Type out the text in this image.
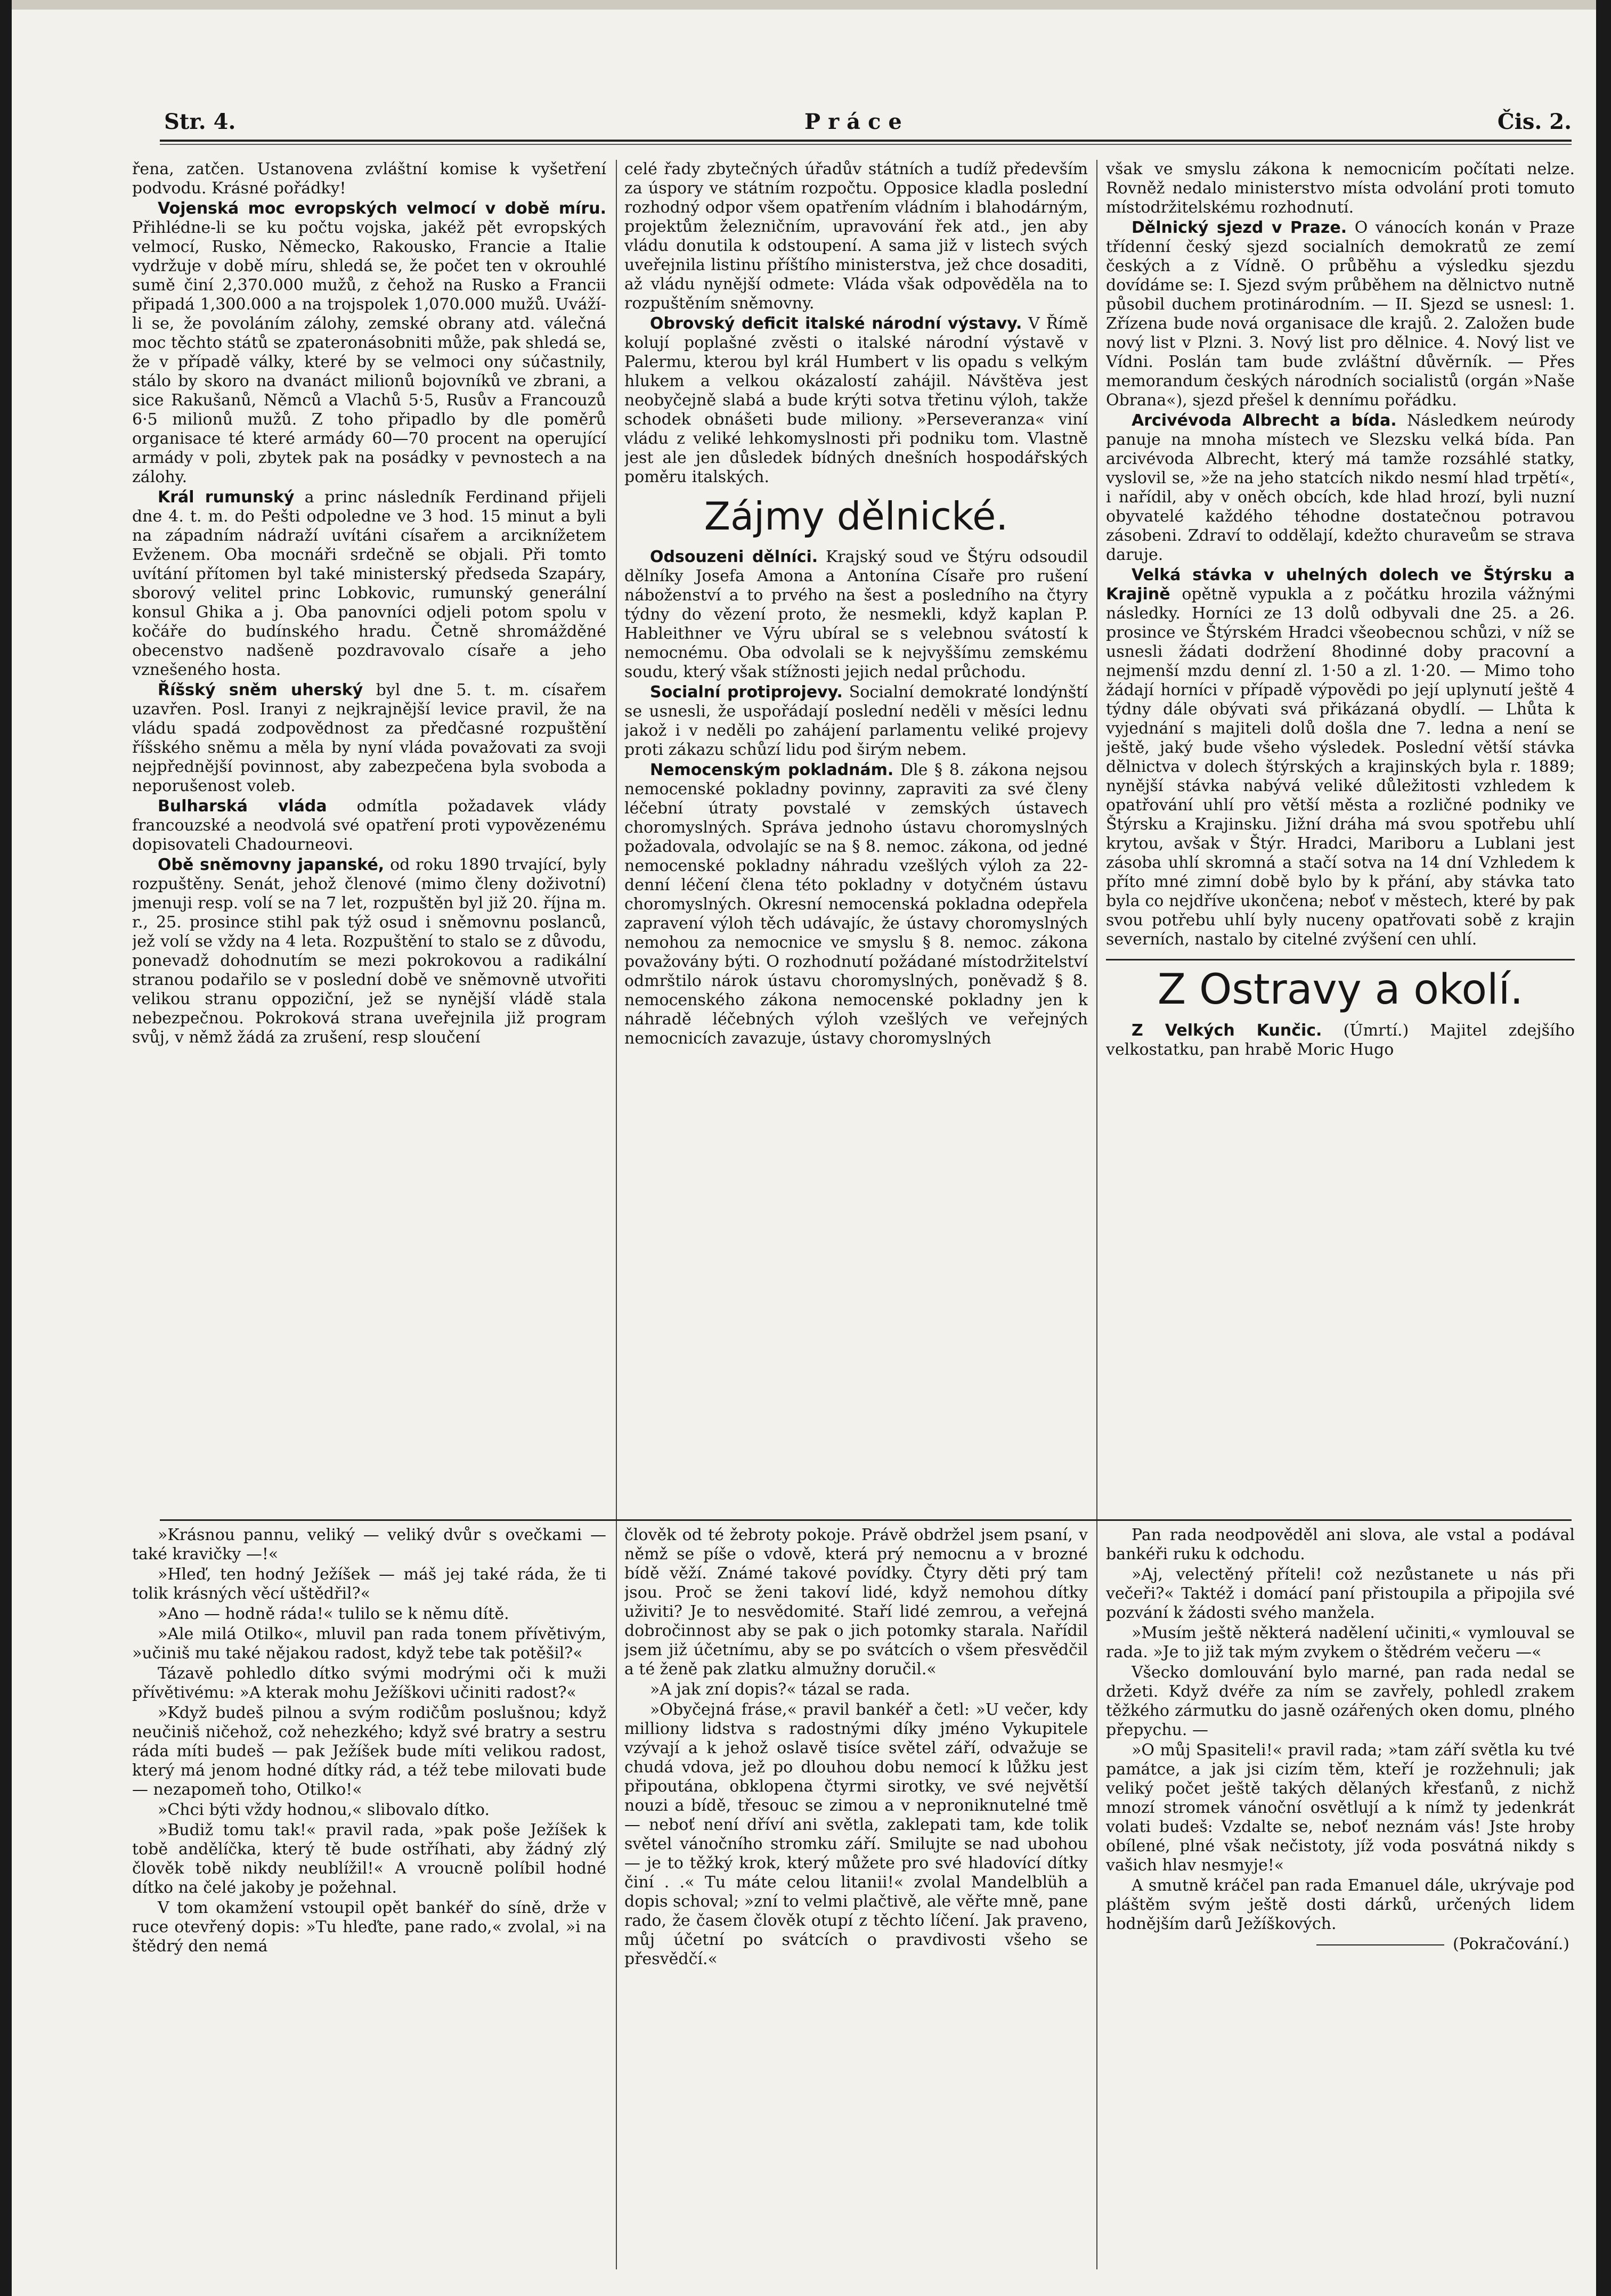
Str. 4.	Práce	Čis. 2.

řena, zatčen. Ustanovena zvláštní komise k vyšetření podvodu. Krásné pořádky!

Vojenská moc evropských velmocí v době míru. Přihlédne-li se ku počtu vojska, jakéž pět evropských velmocí, Rusko, Německo, Rakousko, Francie a Italie vydržuje v době míru, shledá se, že počet ten v okrouhlé sumě činí 2,370.000 mužů, z čehož na Rusko a Francii připadá 1,300.000 a na trojspolek 1,070.000 mužů. Uváží-li se, že povoláním zálohy, zemské obrany atd. válečná moc těchto států se zpateronásobniti může, pak shledá se, že v případě války, které by se velmoci ony súčastnily, stálo by skoro na dvanáct milionů bojovníků ve zbrani, a sice Rakušanů, Němců a Vlachů 5·5, Rusův a Francouzů 6·5 milionů mužů. Z toho připadlo by dle poměrů organisace té které armády 60—70 procent na operující armády v poli, zbytek pak na posádky v pevnostech a na zálohy.

Král rumunský a princ následník Ferdinand přijeli dne 4. t. m. do Pešti odpoledne ve 3 hod. 15 minut a byli na západním nádraží uvítáni císařem a arciknížetem Evženem. Oba mocnáři srdečně se objali. Při tomto uvítání přítomen byl také ministerský předseda Szapáry, sborový velitel princ Lobkovic, rumunský generální konsul Ghika a j. Oba panovníci odjeli potom spolu v kočáře do budínského hradu. Četně shromážděné obecenstvo nadšeně pozdravovalo císaře a jeho vznešeného hosta.

Říšský sněm uherský byl dne 5. t. m. císařem uzavřen. Posl. Iranyi z nejkrajnější levice pravil, že na vládu spadá zodpovědnost za předčasné rozpuštění říšského sněmu a měla by nyní vláda považovati za svoji nejpřednější povinnost, aby zabezpečena byla svoboda a neporušenost voleb.

Bulharská vláda odmítla požadavek vlády francouzské a neodvolá své opatření proti vypovězenému dopisovateli Chadourneovi.

Obě sněmovny japanské, od roku 1890 trvající, byly rozpuštěny. Senát, jehož členové (mimo členy doživotní) jmenuji resp. volí se na 7 let, rozpuštěn byl již 20. října m. r., 25. prosince stihl pak týž osud i sněmovnu poslanců, jež volí se vždy na 4 leta. Rozpuštění to stalo se z důvodu, ponevadž dohodnutím se mezi pokrokovou a radikální stranou podařilo se v poslední době ve sněmovně utvořiti velikou stranu oppoziční, jež se nynější vládě stala nebezpečnou. Pokroková strana uveřejnila již program svůj, v němž žádá za zrušení, resp sloučení

celé řady zbytečných úřadův státních a tudíž především za úspory ve státním rozpočtu. Opposice kladla poslední rozhodný odpor všem opatřením vládním i blahodárným, projektům železničním, upravování řek atd., jen aby vládu donutila k odstoupení. A sama již v listech svých uveřejnila listinu příštího ministerstva, jež chce dosaditi, až vládu nynější odmete: Vláda však odpověděla na to rozpuštěním sněmovny.

Obrovský deficit italské národní výstavy. V Římě kolují poplašné zvěsti o italské národní výstavě v Palermu, kterou byl král Humbert v lis opadu s velkým hlukem a velkou okázalostí zahájil. Návštěva jest neobyčejně slabá a bude krýti sotva třetinu výloh, takže schodek obnášeti bude miliony. »Perseveranza« viní vládu z veliké lehkomyslnosti při podniku tom. Vlastně jest ale jen důsledek bídných dnešních hospodářských poměru italských.

Zájmy dělnické.

Odsouzeni dělníci. Krajský soud ve Štýru odsoudil dělníky Josefa Amona a Antonína Císaře pro rušení náboženství a to prvého na šest a posledního na čtyry týdny do vězení proto, že nesmekli, když kaplan P. Hableithner ve Výru ubíral se s velebnou svátostí k nemocnému. Oba odvolali se k nejvyššímu zemskému soudu, který však stížnosti jejich nedal průchodu.

Socialní protiprojevy. Socialní demokraté londýnští se usnesli, že uspořádají poslední neděli v měsíci lednu jakož i v neděli po zahájení parlamentu veliké projevy proti zákazu schůzí lidu pod širým nebem.

Nemocenským pokladnám. Dle § 8. zákona nejsou nemocenské pokladny povinny, zapraviti za své členy léčební útraty povstalé v zemských ústavech choromyslných. Správa jednoho ústavu choromyslných požadovala, odvolajíc se na § 8. nemoc. zákona, od jedné nemocenské pokladny náhradu vzešlých výloh za 22-denní léčení člena této pokladny v dotyčném ústavu choromyslných. Okresní nemocenská pokladna odepřela zapravení výloh těch udávajíc, že ústavy choromyslných nemohou za nemocnice ve smyslu § 8. nemoc. zákona považovány býti. O rozhodnutí požádané místodržitelství odmrštilo nárok ústavu choromyslných, poněvadž § 8. nemocenského zákona nemocenské pokladny jen k náhradě léčebných výloh vzešlých ve veřejných nemocnicích zavazuje, ústavy choromyslných

však ve smyslu zákona k nemocnicím počítati nelze. Rovněž nedalo ministerstvo místa odvolání proti tomuto místodržitelskému rozhodnutí.

Dělnický sjezd v Praze. O vánocích konán v Praze třídenní český sjezd socialních demokratů ze zemí českých a z Vídně. O průběhu a výsledku sjezdu dovídáme se: I. Sjezd svým průběhem na dělnictvo nutně působil duchem protinárodním. — II. Sjezd se usnesl: 1. Zřízena bude nová organisace dle krajů. 2. Založen bude nový list v Plzni. 3. Nový list pro dělnice. 4. Nový list ve Vídni. Poslán tam bude zvláštní důvěrník. — Přes memorandum českých národních socialistů (orgán »Naše Obrana«), sjezd přešel k dennímu pořádku.

Arcivévoda Albrecht a bída. Následkem neúrody panuje na mnoha místech ve Slezsku velká bída. Pan arcivévoda Albrecht, který má tamže rozsáhlé statky, vyslovil se, »že na jeho statcích nikdo nesmí hlad trpětí«, i nařídil, aby v oněch obcích, kde hlad hrozí, byli nuzní obyvatelé každého téhodne dostatečnou potravou zásobeni. Zdraví to oddělají, kdežto churaveům se strava daruje.

Velká stávka v uhelných dolech ve Štýrsku a Krajině opětně vypukla a z počátku hrozila vážnými následky. Horníci ze 13 dolů odbyvali dne 25. a 26. prosince ve Štýrském Hradci všeobecnou schůzi, v níž se usnesli žádati dodržení 8hodinné doby pracovní a nejmenší mzdu denní zl. 1·50 a zl. 1·20. — Mimo toho žádají horníci v případě výpovědi po její uplynutí ještě 4 týdny dále obývati svá přikázaná obydlí. — Lhůta k vyjednání s majiteli dolů došla dne 7. ledna a není se ještě, jaký bude všeho výsledek. Poslední větší stávka dělnictva v dolech štýrských a krajinských byla r. 1889; nynější stávka nabývá veliké důležitosti vzhledem k opatřování uhlí pro větší města a rozličné podniky ve Štýrsku a Krajinsku. Jižní dráha má svou spotřebu uhlí krytou, avšak v Štýr. Hradci, Mariboru a Lublani jest zásoba uhlí skromná a stačí sotva na 14 dní Vzhledem k příto mné zimní době bylo by k přání, aby stávka tato byla co nejdříve ukončena; neboť v městech, které by pak svou potřebu uhlí byly nuceny opatřovati sobě z krajin severních, nastalo by citelné zvýšení cen uhlí.

Z Ostravy a okolí.

Z Velkých Kunčic. (Úmrtí.) Majitel zdejšího velkostatku, pan hrabě Moric Hugo

»Krásnou pannu, veliký — veliký dvůr s ovečkami — také kravičky —!«

»Hleď, ten hodný Ježíšek — máš jej také ráda, že ti tolik krásných věcí uštědřil?«

»Ano — hodně ráda!« tulilo se k němu dítě.

»Ale milá Otilko«, mluvil pan rada tonem přívětivým, »učiniš mu také nějakou radost, když tebe tak potěšil?«

Tázavě pohledlo dítko svými modrými oči k muži přívětivému: »A kterak mohu Ježíškovi učiniti radost?«

»Když budeš pilnou a svým rodičům poslušnou; když neučiniš ničehož, což nehezkého; když své bratry a sestru ráda míti budeš — pak Ježíšek bude míti velikou radost, který má jenom hodné dítky rád, a též tebe milovati bude — nezapomeň toho, Otilko!«

»Chci býti vždy hodnou,« slibovalo dítko.

»Budiž tomu tak!« pravil rada, »pak poše Ježíšek k tobě andělíčka, který tě bude ostříhati, aby žádný zlý člověk tobě nikdy neublížil!« A vroucně políbil hodné dítko na čelé jakoby je požehnal.

V tom okamžení vstoupil opět bankéř do síně, drže v ruce otevřený dopis: »Tu hleďte, pane rado,« zvolal, »i na štědrý den nemá

člověk od té žebroty pokoje. Právě obdržel jsem psaní, v němž se píše o vdově, která prý nemocnu a v brozné bídě věží. Známé takové povídky. Čtyry děti prý tam jsou. Proč se ženi takoví lidé, když nemohou dítky uživiti? Je to nesvědomité. Staří lidé zemrou, a veřejná dobročinnost aby se pak o jich potomky starala. Nařídil jsem již účetnímu, aby se po svátcích o všem přesvědčil a té ženě pak zlatku almužny doručil.«

»A jak zní dopis?« tázal se rada.

»Obyčejná fráse,« pravil bankéř a četl: »U večer, kdy milliony lidstva s radostnými díky jméno Vykupitele vzývají a k jehož oslavě tisíce světel září, odvažuje se chudá vdova, jež po dlouhou dobu nemocí k lůžku jest připoutána, obklopena čtyrmi sirotky, ve své největší nouzi a bídě, třesouc se zimou a v neproniknutelné tmě — neboť není dříví ani světla, zaklepati tam, kde tolik světel vánočního stromku září. Smilujte se nad ubohou — je to těžký krok, který můžete pro své hladovící dítky činí . .« Tu máte celou litanii!« zvolal Mandelblüh a dopis schoval; »zní to velmi plačtivě, ale věřte mně, pane rado, že časem člověk otupí z těchto líčení. Jak praveno, můj účetní po svátcích o pravdivosti všeho se přesvědčí.«

Pan rada neodpověděl ani slova, ale vstal a podával bankéři ruku k odchodu.

»Aj, velectěný příteli! což nezůstanete u nás při večeři?« Taktéž i domácí paní přistoupila a připojila své pozvání k žádosti svého manžela.

»Musím ještě některá nadělení učiniti,« vymlouval se rada. »Je to již tak mým zvykem o štědrém večeru —«

Všecko domlouvání bylo marné, pan rada nedal se držeti. Když dvéře za ním se zavřely, pohledl zrakem těžkého zármutku do jasně ozářených oken domu, plného přepychu. —

»O můj Spasiteli!« pravil rada; »tam září světla ku tvé památce, a jak jsi cizím těm, kteří je rozžehnuli; jak veliký počet ještě takých dělaných křesťanů, z nichž mnozí stromek vánoční osvětlují a k nímž ty jedenkrát volati budeš: Vzdalte se, neboť neznám vás! Jste hroby obílené, plné však nečistoty, jíž voda posvátná nikdy s vašich hlav nesmyje!«

A smutně kráčel pan rada Emanuel dále, ukrývaje pod pláštěm svým ještě dosti dárků, určených lidem hodnějším darů Ježíškových.

(Pokračování.)
